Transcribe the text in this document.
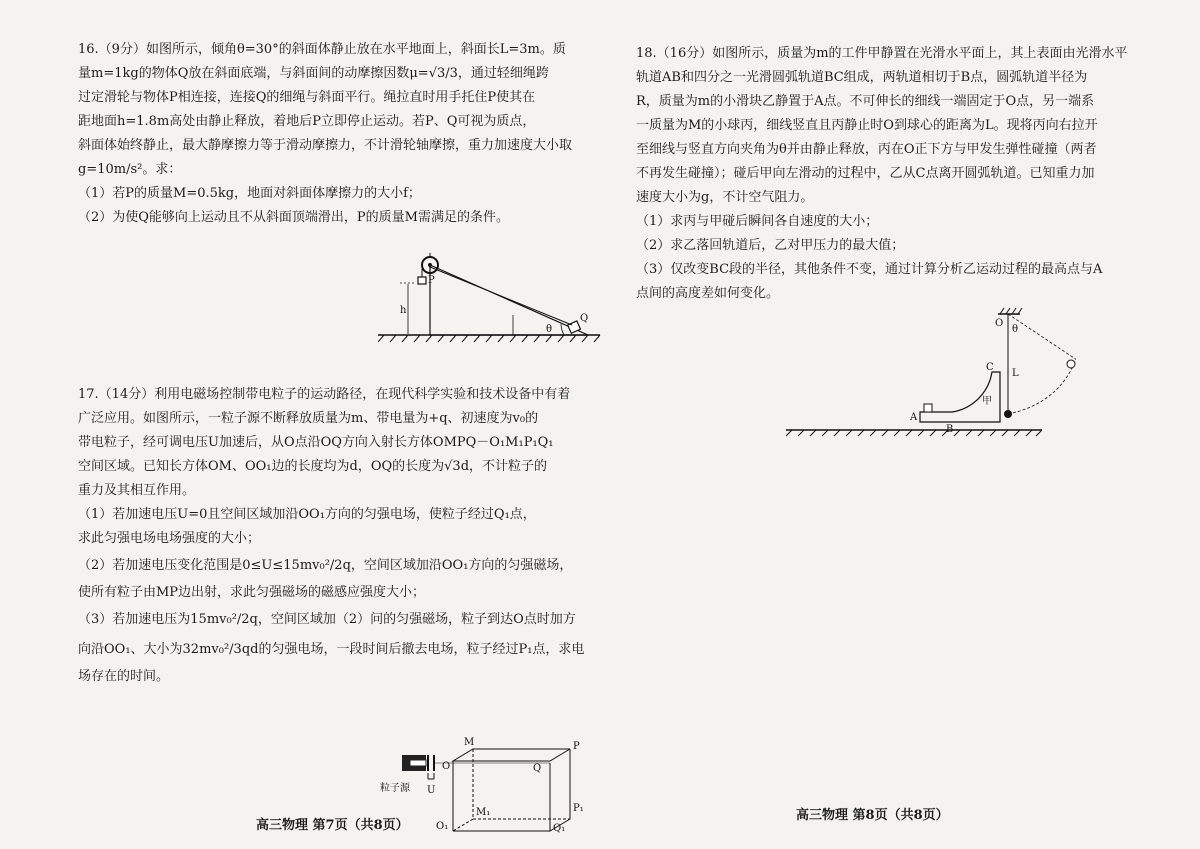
16.（9分）如图所示，倾角θ=30°的斜面体静止放在水平地面上，斜面长L=3m。质

量m=1kg的物体Q放在斜面底端，与斜面间的动摩擦因数μ=√3/3，通过轻细绳跨

过定滑轮与物体P相连接，连接Q的细绳与斜面平行。绳拉直时用手托住P使其在

距地面h=1.8m高处由静止释放，着地后P立即停止运动。若P、Q可视为质点，

斜面体始终静止，最大静摩擦力等于滑动摩擦力，不计滑轮轴摩擦，重力加速度大小取

g=10m/s²。求：

（1）若P的质量M=0.5kg，地面对斜面体摩擦力的大小f；

（2）为使Q能够向上运动且不从斜面顶端滑出，P的质量M需满足的条件。

θ
Q
P
h

17.（14分）利用电磁场控制带电粒子的运动路径，在现代科学实验和技术设备中有着

广泛应用。如图所示，一粒子源不断释放质量为m、带电量为+q、初速度为v₀的

带电粒子，经可调电压U加速后，从O点沿OQ方向入射长方体OMPQ－O₁M₁P₁Q₁

空间区域。已知长方体OM、OO₁边的长度均为d，OQ的长度为√3d，不计粒子的

重力及其相互作用。

（1）若加速电压U=0且空间区域加沿OO₁方向的匀强电场，使粒子经过Q₁点，

求此匀强电场电场强度的大小；

（2）若加速电压变化范围是0≤U≤15mv₀²/2q，空间区域加沿OO₁方向的匀强磁场，

使所有粒子由MP边出射，求此匀强磁场的磁感应强度大小；

（3）若加速电压为15mv₀²/2q，空间区域加（2）问的匀强磁场，粒子到达O点时加方

向沿OO₁、大小为32mv₀²/3qd的匀强电场，一段时间后撤去电场，粒子经过P₁点，求电

场存在的时间。

粒子源 U
M	P
O	Q
M₁	P₁
O₁	Q₁
高三物理 第7页（共8页）

18.（16分）如图所示，质量为m的工件甲静置在光滑水平面上，其上表面由光滑水平

轨道AB和四分之一光滑圆弧轨道BC组成，两轨道相切于B点，圆弧轨道半径为

R，质量为m的小滑块乙静置于A点。不可伸长的细线一端固定于O点，另一端系

一质量为M的小球丙，细线竖直且丙静止时O到球心的距离为L。现将丙向右拉开

至细线与竖直方向夹角为θ并由静止释放，丙在O正下方与甲发生弹性碰撞（两者

不再发生碰撞）；碰后甲向左滑动的过程中，乙从C点离开圆弧轨道。已知重力加

速度大小为g，不计空气阻力。

（1）求丙与甲碰后瞬间各自速度的大小；

（2）求乙落回轨道后，乙对甲压力的最大值；

（3）仅改变BC段的半径，其他条件不变，通过计算分析乙运动过程的最高点与A

点间的高度差如何变化。

O
θ
L
C
A
B
甲
高三物理 第8页（共8页）
